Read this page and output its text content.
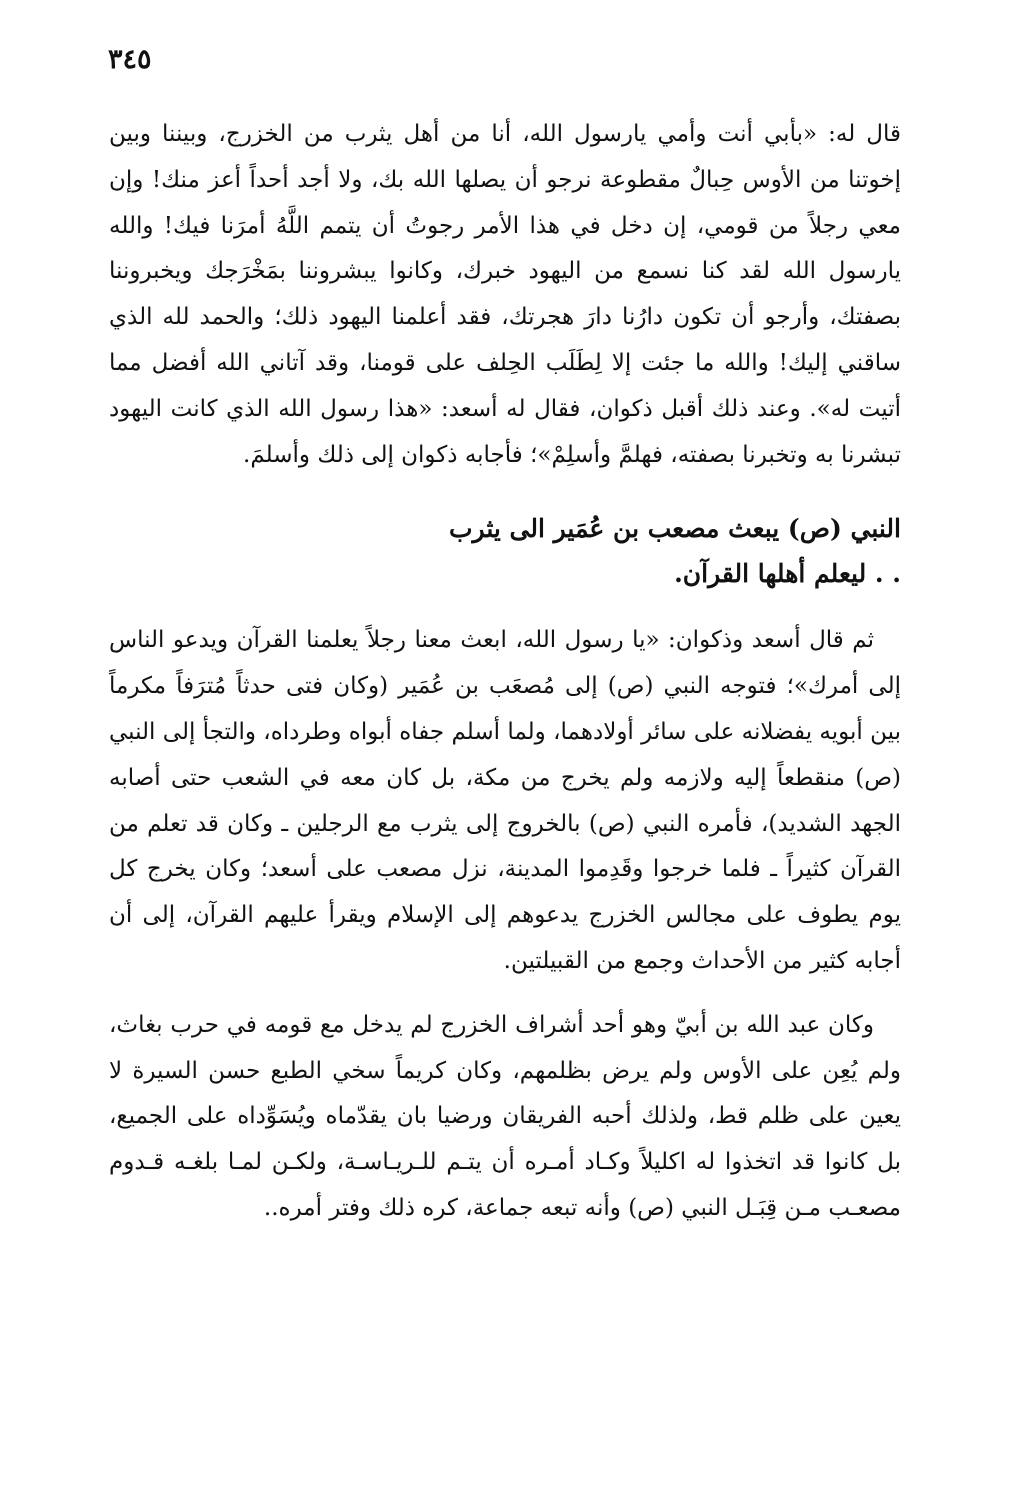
٣٤٥

قال له: «بأبي أنت وأمي يارسول الله، أنا من أهل يثرب من الخزرج، وبيننا وبين إخوتنا من الأوس حِبالٌ مقطوعة نرجو أن يصلها الله بك، ولا أجد أحداً أعز منك! وإن معي رجلاً من قومي، إن دخل في هذا الأمر رجوتُ أن يتمم اللَّهُ أمرَنا فيك! والله يارسول الله لقد كنا نسمع من اليهود خبرك، وكانوا يبشروننا بمَخْرَجك ويخبروننا بصفتك، وأرجو أن تكون دارُنا دارَ هجرتك، فقد أعلمنا اليهود ذلك؛ والحمد لله الذي ساقني إليك! والله ما جئت إلا لِطَلَب الحِلف على قومنا، وقد آتاني الله أفضل مما أتيت له». وعند ذلك أقبل ذكوان، فقال له أسعد: «هذا رسول الله الذي كانت اليهود تبشرنا به وتخبرنا بصفته، فهلمَّ وأسلِمْ»؛ فأجابه ذكوان إلى ذلك وأسلمَ.

النبي (ص) يبعث مصعب بن عُمَير الى يثرب
. . ليعلم أهلها القرآن.

ثم قال أسعد وذكوان: «يا رسول الله، ابعث معنا رجلاً يعلمنا القرآن ويدعو الناس إلى أمرك»؛ فتوجه النبي (ص) إلى مُصعَب بن عُمَير (وكان فتى حدثاً مُترَفاً مكرماً بين أبويه يفضلانه على سائر أولادهما، ولما أسلم جفاه أبواه وطرداه، والتجأ إلى النبي (ص) منقطعاً إليه ولازمه ولم يخرج من مكة، بل كان معه في الشعب حتى أصابه الجهد الشديد)، فأمره النبي (ص) بالخروج إلى يثرب مع الرجلين ـ وكان قد تعلم من القرآن كثيراً ـ فلما خرجوا وقَدِموا المدينة، نزل مصعب على أسعد؛ وكان يخرج كل يوم يطوف على مجالس الخزرج يدعوهم إلى الإسلام ويقرأ عليهم القرآن، إلى أن أجابه كثير من الأحداث وجمع من القبيلتين.

وكان عبد الله بن أبيّ وهو أحد أشراف الخزرج لم يدخل مع قومه في حرب بغاث، ولم يُعِن على الأوس ولم يرض بظلمهم، وكان كريماً سخي الطبع حسن السيرة لا يعين على ظلم قط، ولذلك أحبه الفريقان ورضيا بان يقدّماه ويُسَوِّداه على الجميع، بل كانوا قد اتخذوا له اكليلاً وكـاد أمـره أن يتـم للـريـاسـة، ولكـن لمـا بلغـه قـدوم مصعـب مـن قِبَـل النبي (ص) وأنه تبعه جماعة، كره ذلك وفتر أمره..
